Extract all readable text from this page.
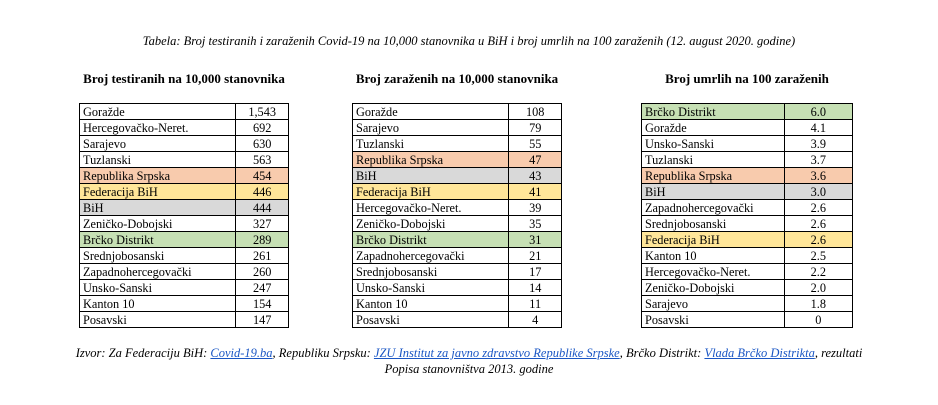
Tabela: Broj testiranih i zaraženih Covid-19 na 10,000 stanovnika u BiH i broj umrlih na 100 zaraženih (12. august 2020. godine)
Broj testiranih na 10,000 stanovnika
Goražde	1,543
Hercegovačko-Neret.	692
Sarajevo	630
Tuzlanski	563
Republika Srpska	454
Federacija BiH	446
BiH	444
Zeničko-Dobojski	327
Brčko Distrikt	289
Srednjobosanski	261
Zapadnohercegovački	260
Unsko-Sanski	247
Kanton 10	154
Posavski	147
Broj zaraženih na 10,000 stanovnika
Goražde	108
Sarajevo	79
Tuzlanski	55
Republika Srpska	47
BiH	43
Federacija BiH	41
Hercegovačko-Neret.	39
Zeničko-Dobojski	35
Brčko Distrikt	31
Zapadnohercegovački	21
Srednjobosanski	17
Unsko-Sanski	14
Kanton 10	11
Posavski	4
Broj umrlih na 100 zaraženih
Brčko Distrikt	6.0
Goražde	4.1
Unsko-Sanski	3.9
Tuzlanski	3.7
Republika Srpska	3.6
BiH	3.0
Zapadnohercegovački	2.6
Srednjobosanski	2.6
Federacija BiH	2.6
Kanton 10	2.5
Hercegovačko-Neret.	2.2
Zeničko-Dobojski	2.0
Sarajevo	1.8
Posavski	0
Izvor: Za Federaciju BiH: Covid-19.ba, Republiku Srpsku: JZU Institut za javno zdravstvo Republike Srpske, Brčko Distrikt: Vlada Brčko Distrikta, rezultati
Popisa stanovništva 2013. godine
